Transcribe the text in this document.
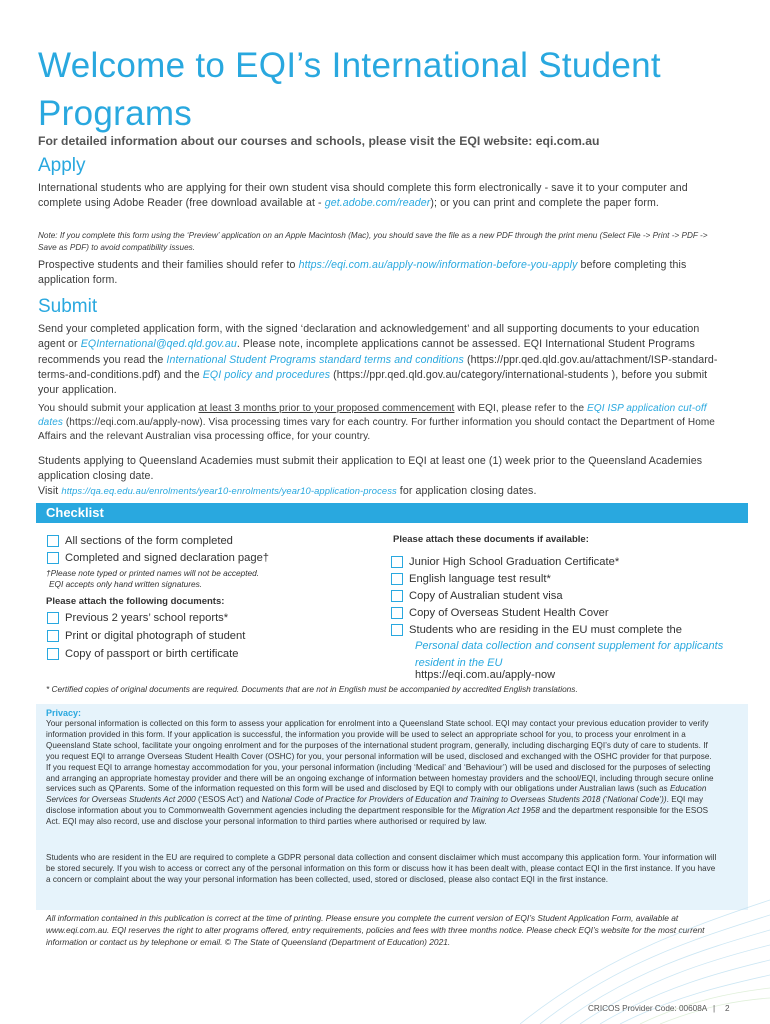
Welcome to EQI’s International Student Programs
For detailed information about our courses and schools, please visit the EQI website: eqi.com.au
Apply
International students who are applying for their own student visa should complete this form electronically - save it to your computer and complete using Adobe Reader (free download available at - get.adobe.com/reader); or you can print and complete the paper form.
Note: If you complete this form using the ‘Preview’ application on an Apple Macintosh (Mac), you should save the file as a new PDF through the print menu (Select File -> Print -> PDF -> Save as PDF) to avoid compatibility issues.
Prospective students and their families should refer to https://eqi.com.au/apply-now/information-before-you-apply before completing this application form.
Submit
Send your completed application form, with the signed ‘declaration and acknowledgement’ and all supporting documents to your education agent or EQInternational@qed.qld.gov.au. Please note, incomplete applications cannot be assessed. EQI International Student Programs recommends you read the International Student Programs standard terms and conditions (https://ppr.qed.qld.gov.au/attachment/ISP-standard-terms-and-conditions.pdf) and the EQI policy and procedures (https://ppr.qed.qld.gov.au/category/international-students ), before you submit your application.
You should submit your application at least 3 months prior to your proposed commencement with EQI, please refer to the EQI ISP application cut-off dates (https://eqi.com.au/apply-now). Visa processing times vary for each country. For further information you should contact the Department of Home Affairs and the relevant Australian visa processing office, for your country.
Students applying to Queensland Academies must submit their application to EQI at least one (1) week prior to the Queensland Academies application closing date.
Visit https://qa.eq.edu.au/enrolments/year10-enrolments/year10-application-process for application closing dates.
Checklist
All sections of the form completed
Completed and signed declaration page†
†Please note typed or printed names will not be accepted.
EQI accepts only hand written signatures.
Please attach the following documents:
Previous 2 years’ school reports*
Print or digital photograph of student
Copy of passport or birth certificate
Please attach these documents if available:
Junior High School Graduation Certificate*
English language test result*
Copy of Australian student visa
Copy of Overseas Student Health Cover
Students who are residing in the EU must complete the
Personal data collection and consent supplement for applicants resident in the EU
https://eqi.com.au/apply-now
* Certified copies of original documents are required. Documents that are not in English must be accompanied by accredited English translations.
Privacy:
Your personal information is collected on this form to assess your application for enrolment into a Queensland State school. EQI may contact your previous education provider to verify information provided in this form. If your application is successful, the information you provide will be used to select an appropriate school for you, to process your enrolment in a Queensland State school, facilitate your ongoing enrolment and for the purposes of the international student program, generally, including discharging EQI’s duty of care to students. If you request EQI to arrange Overseas Student Health Cover (OSHC) for you, your personal information will be used, disclosed and exchanged with the OSHC provider for that purpose. If you request EQI to arrange homestay accommodation for you, your personal information (including ‘Medical’ and ‘Behaviour’) will be used and disclosed for the purposes of selecting and arranging an appropriate homestay provider and there will be an ongoing exchange of information between homestay providers and the school/EQI, including through secure online services such as QParents. Some of the information requested on this form will be used and disclosed by EQI to comply with our obligations under Australian laws (such as Education Services for Overseas Students Act 2000 (‘ESOS Act’) and National Code of Practice for Providers of Education and Training to Overseas Students 2018 (‘National Code’)). EQI may disclose information about you to Commonwealth Government agencies including the department responsible for the Migration Act 1958 and the department responsible for the ESOS Act. EQI may also record, use and disclose your personal information to third parties where authorised or required by law.
Students who are resident in the EU are required to complete a GDPR personal data collection and consent disclaimer which must accompany this application form. Your information will be stored securely. If you wish to access or correct any of the personal information on this form or discuss how it has been dealt with, please contact EQI in the first instance. If you have a concern or complaint about the way your personal information has been collected, used, stored or disclosed, please also contact EQI in the first instance.
All information contained in this publication is correct at the time of printing. Please ensure you complete the current version of EQI’s Student Application Form, available at www.eqi.com.au. EQI reserves the right to alter programs offered, entry requirements, policies and fees with three months notice. Please check EQI’s website for the most current information or contact us by telephone or email. © The State of Queensland (Department of Education) 2021.
CRICOS Provider Code: 00608A | 2
